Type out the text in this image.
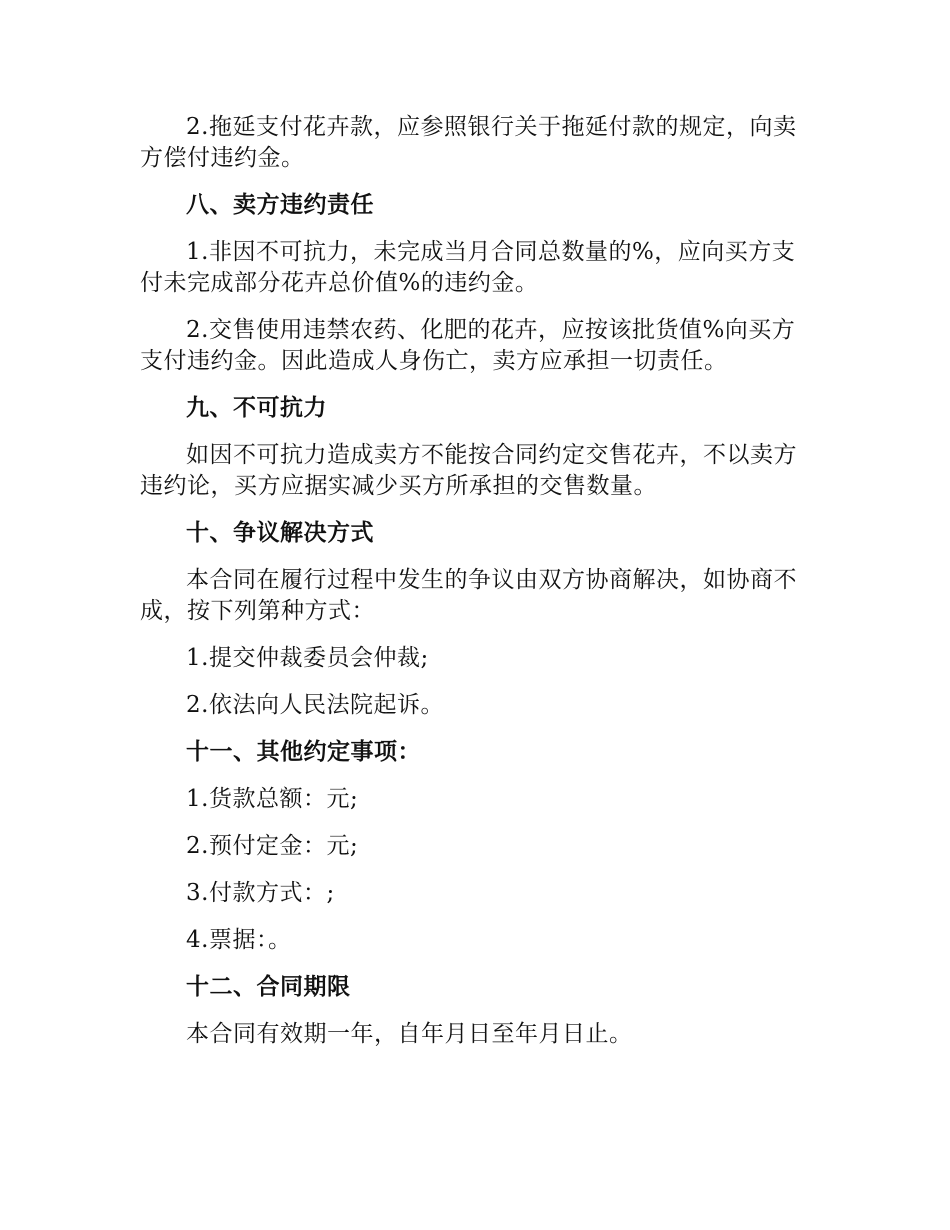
2.拖延支付花卉款，应参照银行关于拖延付款的规定，向卖方偿付违约金。

八、卖方违约责任

1.非因不可抗力，未完成当月合同总数量的%，应向买方支付未完成部分花卉总价值%的违约金。

2.交售使用违禁农药、化肥的花卉，应按该批货值%向买方支付违约金。因此造成人身伤亡，卖方应承担一切责任。

九、不可抗力

如因不可抗力造成卖方不能按合同约定交售花卉，不以卖方违约论，买方应据实减少买方所承担的交售数量。

十、争议解决方式

本合同在履行过程中发生的争议由双方协商解决，如协商不成，按下列第种方式：

1.提交仲裁委员会仲裁;

2.依法向人民法院起诉。

十一、其他约定事项：

1.货款总额：元;

2.预付定金：元;

3.付款方式：;

4.票据：。

十二、合同期限

本合同有效期一年，自年月日至年月日止。
